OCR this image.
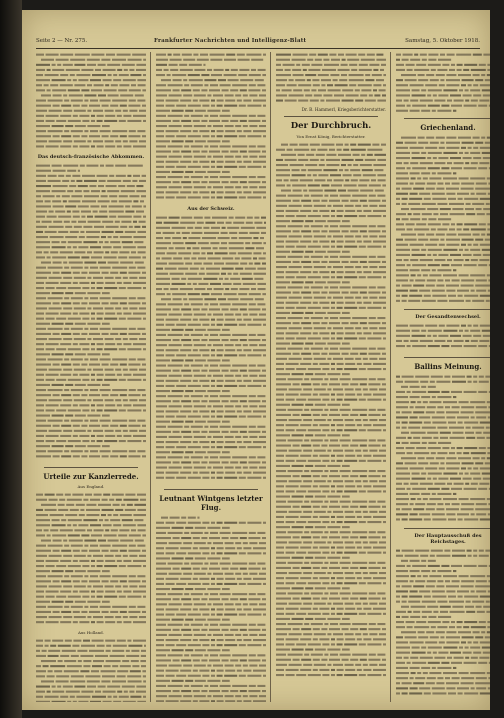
Seite 2 — Nr. 275.	Frankfurter Nachrichten und Intelligenz-Blatt	Samstag, 5. Oktober 1918.
Das deutsch-französische Abkommen.
Urteile zur Kanzlerrede.
Aus England.
Aus Holland.
Aus der Schweiz.
Leutnant Wintgens letzter Flug.
Dr. B. Hammerl, Kriegsberichterstatter.
Der Durchbruch.
Von Ernst König, Berichterstatter.
Griechenland.
Der Gesandtenwechsel.
Ballins Meinung.
Der Hauptausschuß des Reichstages.
